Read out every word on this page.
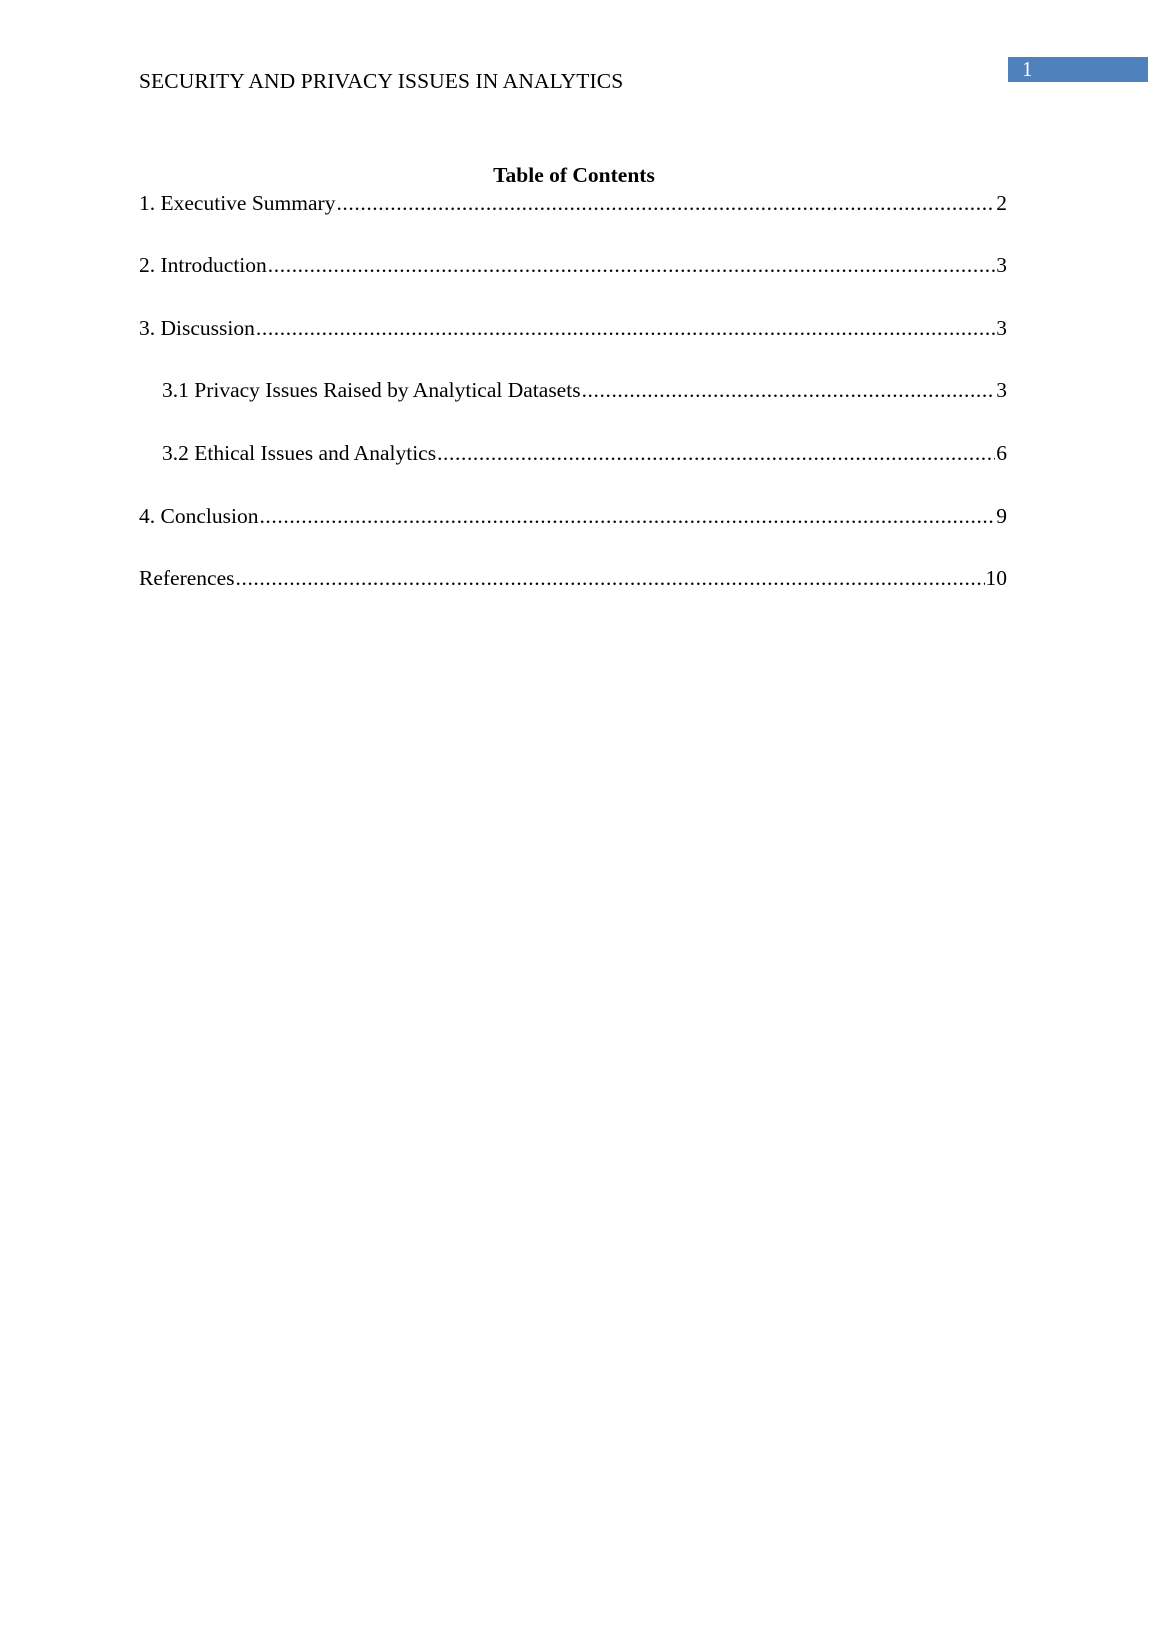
SECURITY AND PRIVACY ISSUES IN ANALYTICS	1
Table of Contents
1. Executive Summary .....	2
2. Introduction .....	3
3. Discussion .....	3
3.1 Privacy Issues Raised by Analytical Datasets .....	3
3.2 Ethical Issues and Analytics .....	6
4. Conclusion .....	9
References .....	10
